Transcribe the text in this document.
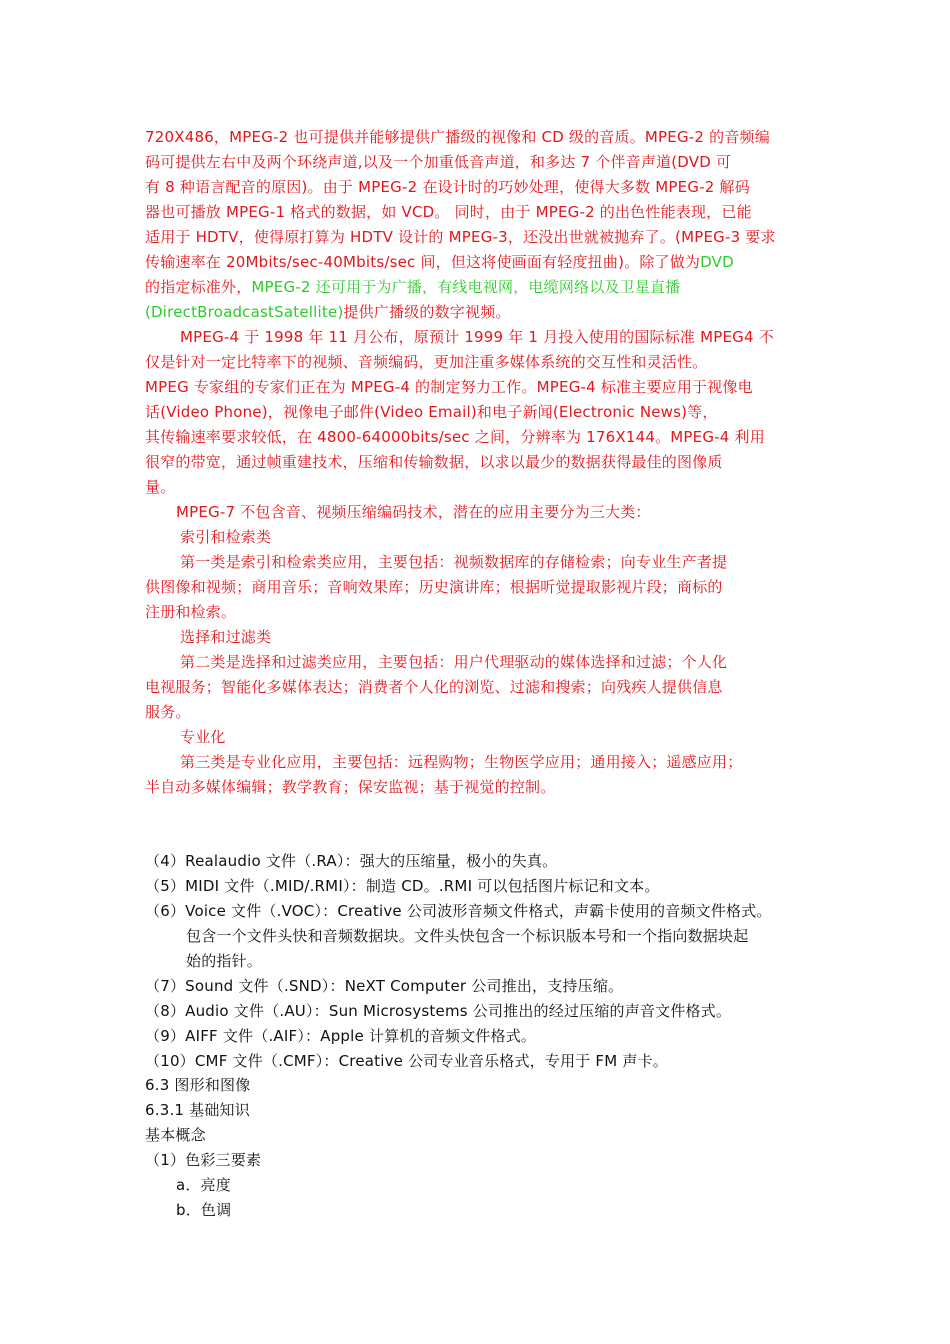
720X486，MPEG-2 也可提供并能够提供广播级的视像和 CD 级的音质。MPEG-2 的音频编
码可提供左右中及两个环绕声道,以及一个加重低音声道，和多达 7 个伴音声道(DVD 可
有 8 种语言配音的原因)。由于 MPEG-2 在设计时的巧妙处理，使得大多数 MPEG-2 解码
器也可播放 MPEG-1 格式的数据，如 VCD。 同时，由于 MPEG-2 的出色性能表现，已能
适用于 HDTV，使得原打算为 HDTV 设计的 MPEG-3，还没出世就被抛弃了。(MPEG-3 要求
传输速率在 20Mbits/sec-40Mbits/sec 间，但这将使画面有轻度扭曲)。除了做为DVD
的指定标准外，MPEG-2 还可用于为广播，有线电视网，电缆网络以及卫星直播
(DirectBroadcastSatellite)提供广播级的数字视频。
MPEG-4 于 1998 年 11 月公布，原预计 1999 年 1 月投入使用的国际标准 MPEG4 不
仅是针对一定比特率下的视频、音频编码，更加注重多媒体系统的交互性和灵活性。
MPEG 专家组的专家们正在为 MPEG-4 的制定努力工作。MPEG-4 标准主要应用于视像电
话(Video Phone)，视像电子邮件(Video Email)和电子新闻(Electronic News)等，
其传输速率要求较低，在 4800-64000bits/sec 之间，分辨率为 176X144。MPEG-4 利用
很窄的带宽，通过帧重建技术，压缩和传输数据，以求以最少的数据获得最佳的图像质
量。
MPEG-7 不包含音、视频压缩编码技术，潜在的应用主要分为三大类：
索引和检索类
第一类是索引和检索类应用，主要包括：视频数据库的存储检索；向专业生产者提
供图像和视频；商用音乐；音响效果库；历史演讲库；根据听觉提取影视片段；商标的
注册和检索。
选择和过滤类
第二类是选择和过滤类应用，主要包括：用户代理驱动的媒体选择和过滤；个人化
电视服务；智能化多媒体表达；消费者个人化的浏览、过滤和搜索；向残疾人提供信息
服务。
专业化
第三类是专业化应用，主要包括：远程购物；生物医学应用；通用接入；遥感应用；
半自动多媒体编辑；教学教育；保安监视；基于视觉的控制。
（4）Realaudio 文件（.RA）：强大的压缩量，极小的失真。
（5）MIDI 文件（.MID/.RMI）：制造 CD。.RMI 可以包括图片标记和文本。
（6）Voice 文件（.VOC）：Creative 公司波形音频文件格式，声霸卡使用的音频文件格式。
包含一个文件头快和音频数据块。文件头快包含一个标识版本号和一个指向数据块起
始的指针。
（7）Sound 文件（.SND）：NeXT Computer 公司推出，支持压缩。
（8）Audio 文件（.AU）：Sun Microsystems 公司推出的经过压缩的声音文件格式。
（9）AIFF 文件（.AIF）：Apple 计算机的音频文件格式。
（10）CMF 文件（.CMF）：Creative 公司专业音乐格式，专用于 FM 声卡。
6.3 图形和图像
6.3.1 基础知识
基本概念
（1）色彩三要素
a．亮度
b．色调
